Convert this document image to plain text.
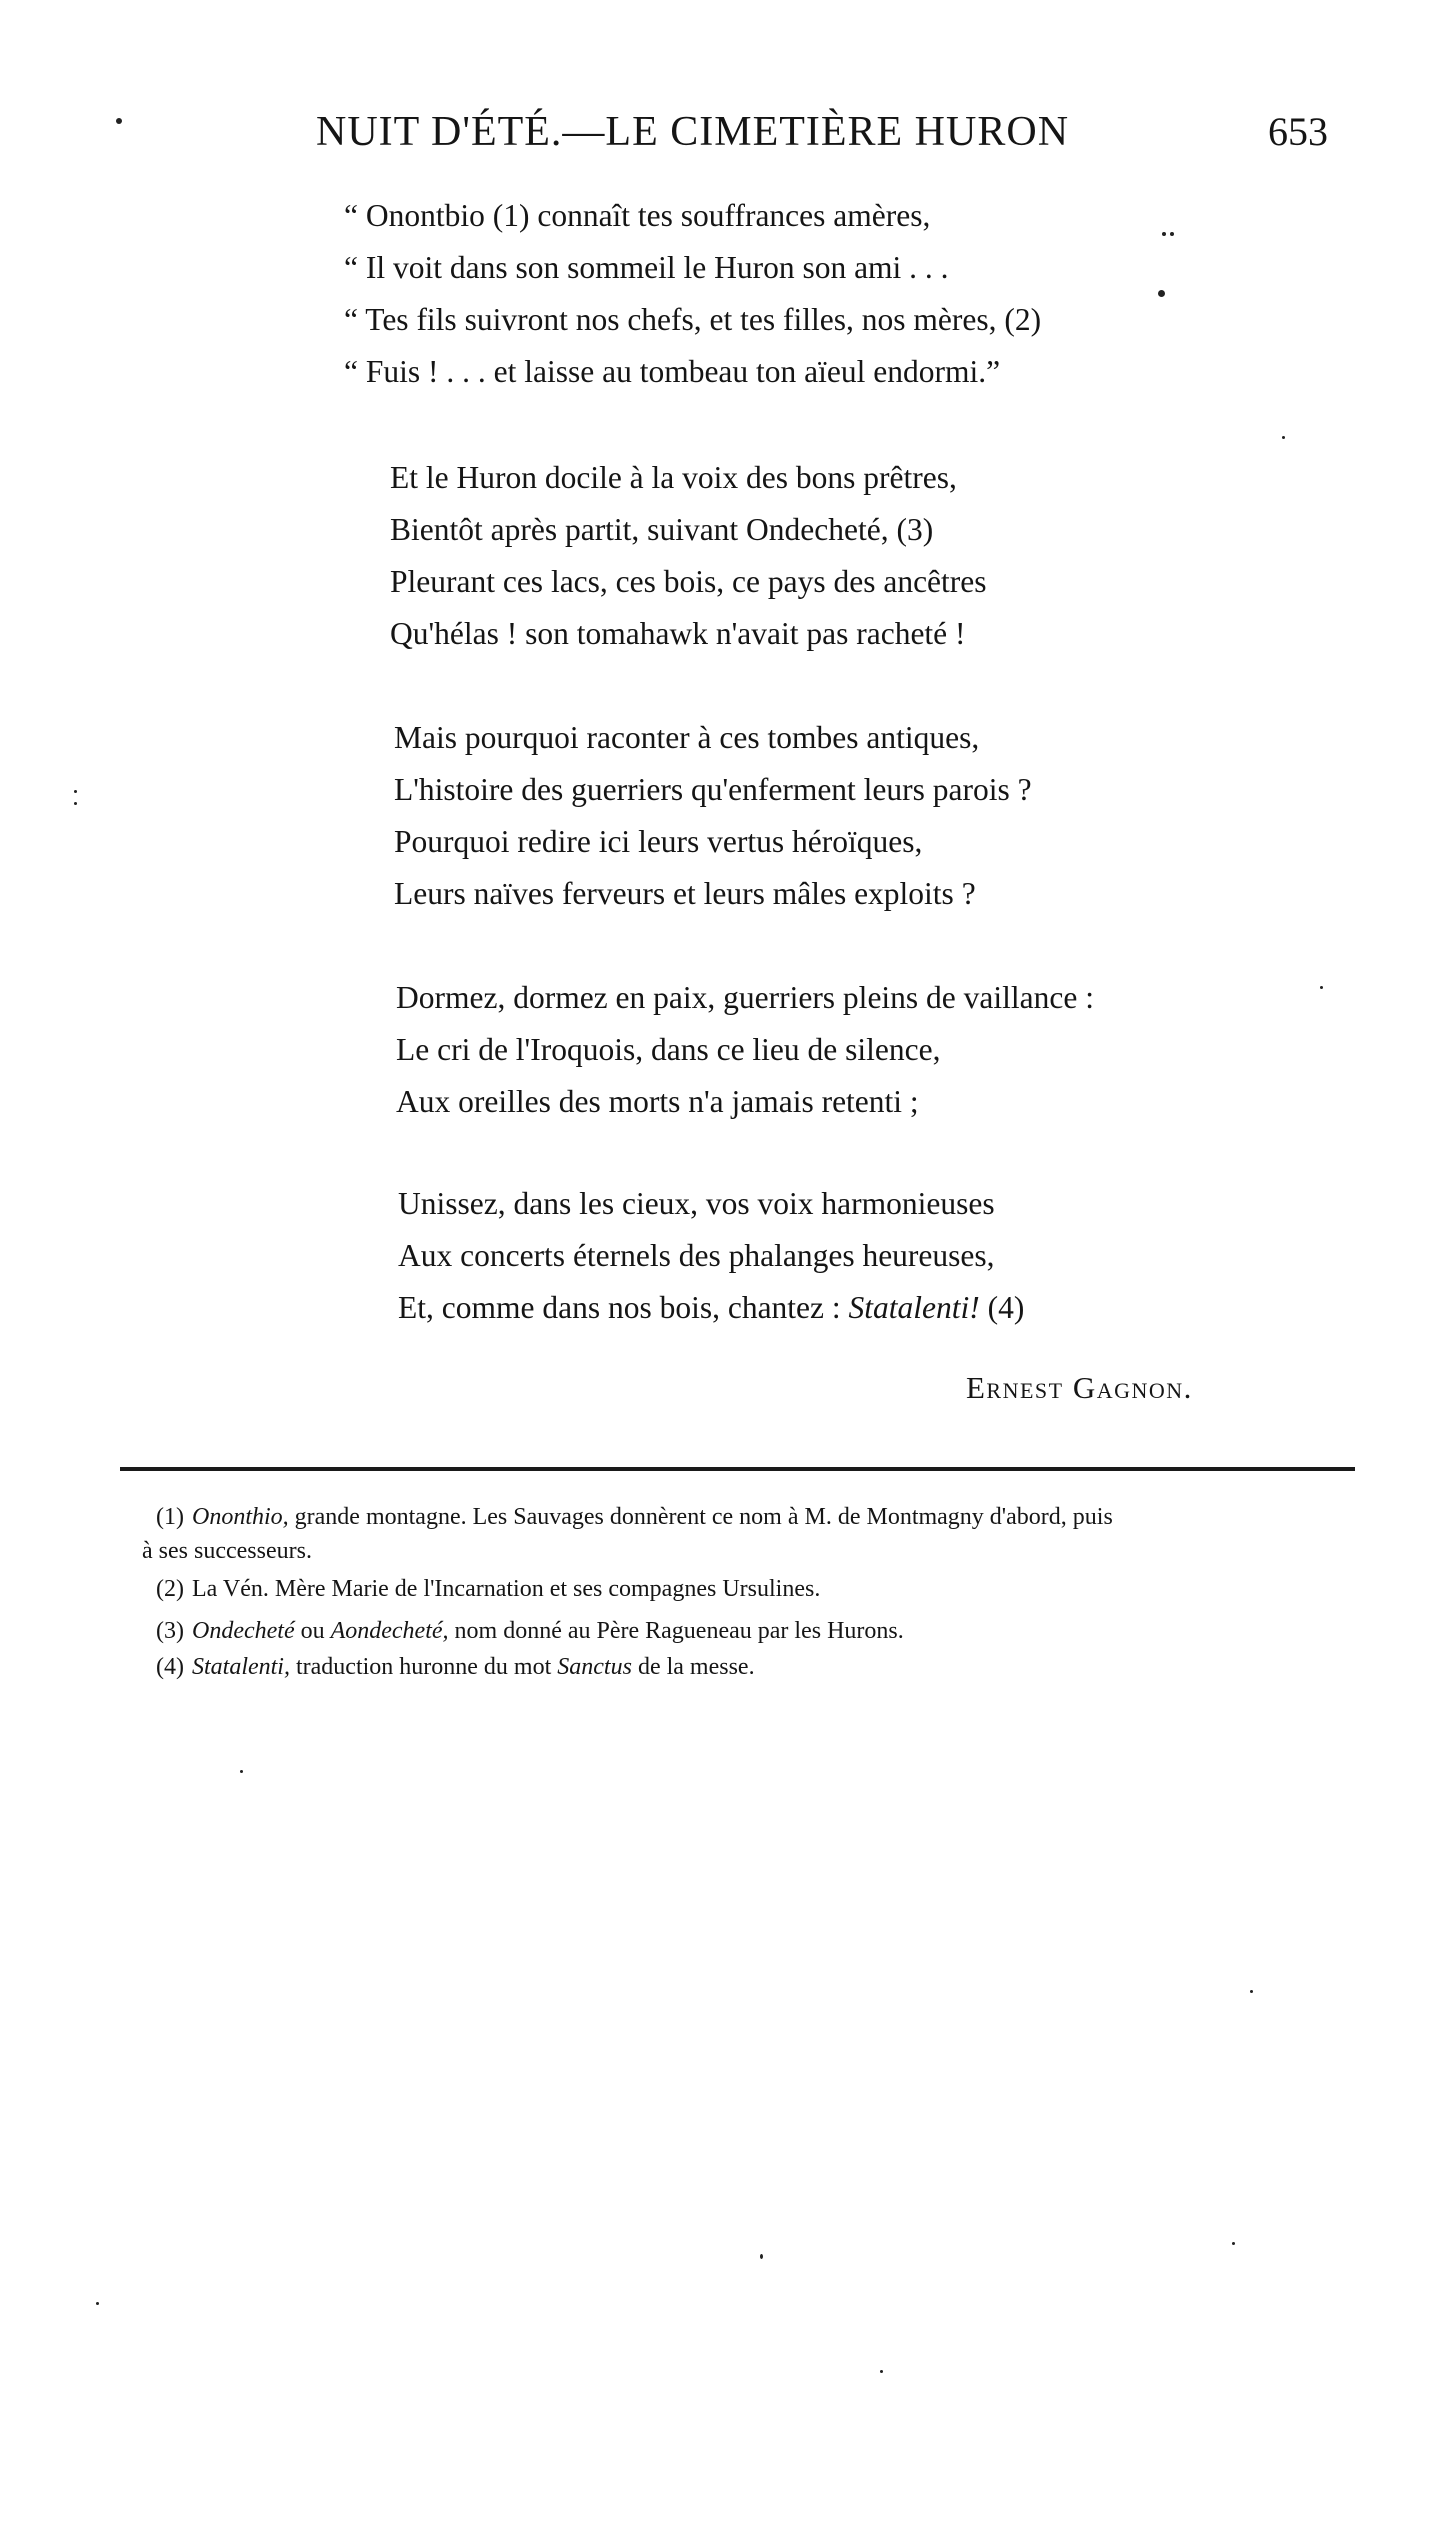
NUIT D'ÉTÉ.—LE CIMETIÈRE HURON	653
“ Onontbio (1) connaît tes souffrances amères,
“ Il voit dans son sommeil le Huron son ami . . .
“ Tes fils suivront nos chefs, et tes filles, nos mères, (2)
“ Fuis ! . . . et laisse au tombeau ton aïeul endormi.”
Et le Huron docile à la voix des bons prêtres,
Bientôt après partit, suivant Ondecheté, (3)
Pleurant ces lacs, ces bois, ce pays des ancêtres
Qu'hélas ! son tomahawk n'avait pas racheté !
Mais pourquoi raconter à ces tombes antiques,
L'histoire des guerriers qu'enferment leurs parois ?
Pourquoi redire ici leurs vertus héroïques,
Leurs naïves ferveurs et leurs mâles exploits ?
Dormez, dormez en paix, guerriers pleins de vaillance :
Le cri de l'Iroquois, dans ce lieu de silence,
Aux oreilles des morts n'a jamais retenti ;
Unissez, dans les cieux, vos voix harmonieuses
Aux concerts éternels des phalanges heureuses,
Et, comme dans nos bois, chantez : Statalenti! (4)
Ernest Gagnon.

(1) Ononthio, grande montagne. Les Sauvages donnèrent ce nom à M. de Montmagny d'abord, puis
à ses successeurs.

(2) La Vén. Mère Marie de l'Incarnation et ses compagnes Ursulines.

(3) Ondecheté ou Aondecheté, nom donné au Père Ragueneau par les Hurons.

(4) Statalenti, traduction huronne du mot Sanctus de la messe.
